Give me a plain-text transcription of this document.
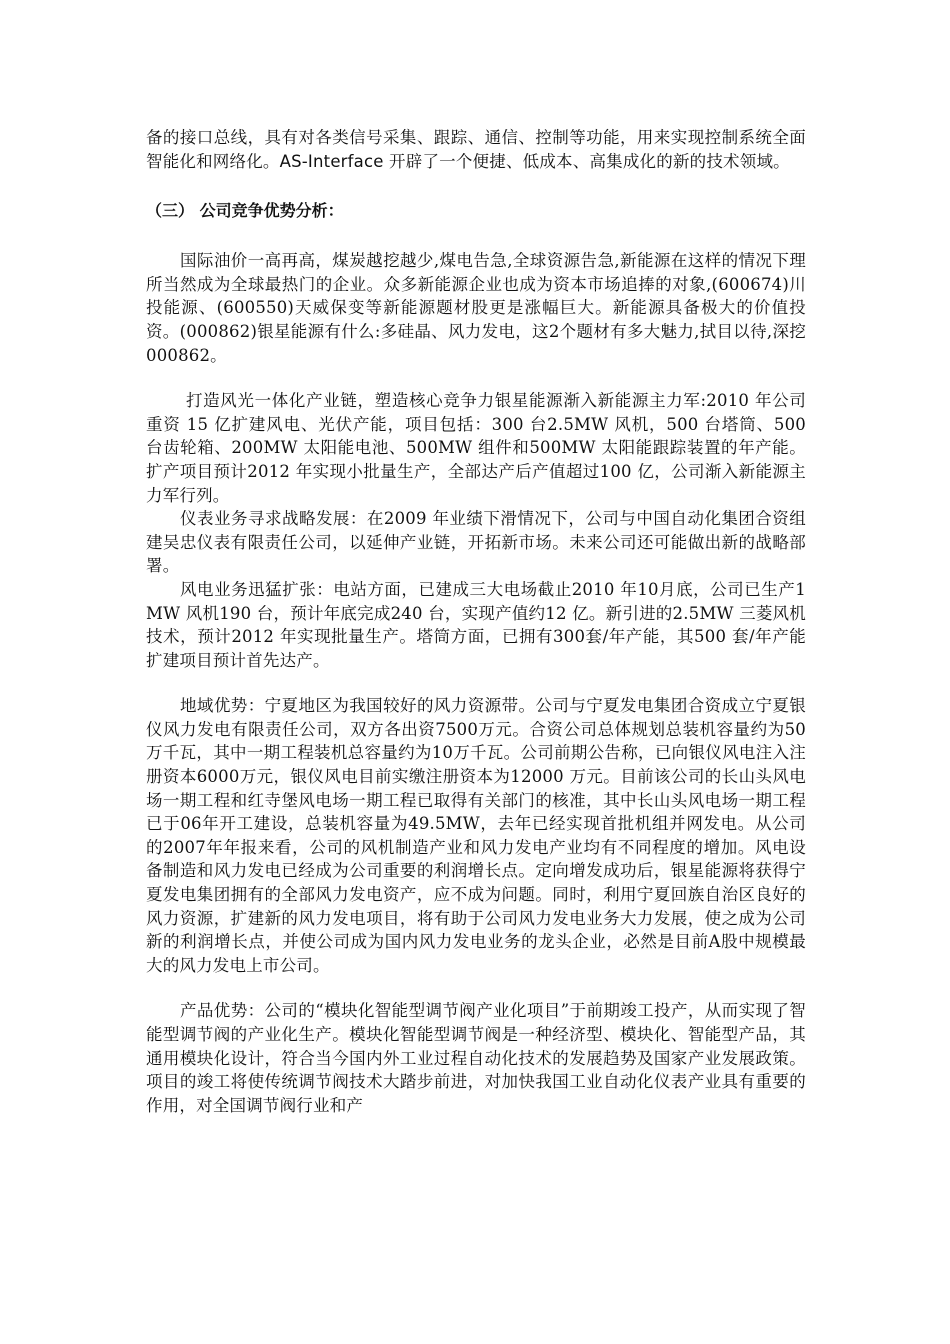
备的接口总线，具有对各类信号采集、跟踪、通信、控制等功能，用来实现控制系统全面智能化和网络化。AS-Interface 开辟了一个便捷、低成本、高集成化的新的技术领域。

（三） 公司竞争优势分析：

国际油价一高再高，煤炭越挖越少,煤电告急,全球资源告急,新能源在这样的情况下理所当然成为全球最热门的企业。众多新能源企业也成为资本市场追捧的对象,(600674)川投能源、(600550)天威保变等新能源题材股更是涨幅巨大。新能源具备极大的价值投资。(000862)银星能源有什么:多硅晶、风力发电，这2个题材有多大魅力,拭目以待,深挖000862。

打造风光一体化产业链，塑造核心竞争力银星能源渐入新能源主力军:2010 年公司重资 15 亿扩建风电、光伏产能，项目包括：300 台2.5MW 风机，500 台塔筒、500 台齿轮箱、200MW 太阳能电池、500MW 组件和500MW 太阳能跟踪装置的年产能。扩产项目预计2012 年实现小批量生产，全部达产后产值超过100 亿，公司渐入新能源主力军行列。

仪表业务寻求战略发展：在2009 年业绩下滑情况下，公司与中国自动化集团合资组建吴忠仪表有限责任公司，以延伸产业链，开拓新市场。未来公司还可能做出新的战略部署。

风电业务迅猛扩张：电站方面，已建成三大电场截止2010 年10月底，公司已生产1MW 风机190 台，预计年底完成240 台，实现产值约12 亿。新引进的2.5MW 三菱风机技术，预计2012 年实现批量生产。塔筒方面，已拥有300套/年产能，其500 套/年产能扩建项目预计首先达产。

地域优势：宁夏地区为我国较好的风力资源带。公司与宁夏发电集团合资成立宁夏银仪风力发电有限责任公司，双方各出资7500万元。合资公司总体规划总装机容量约为50万千瓦，其中一期工程装机总容量约为10万千瓦。公司前期公告称，已向银仪风电注入注册资本6000万元，银仪风电目前实缴注册资本为12000 万元。目前该公司的长山头风电场一期工程和红寺堡风电场一期工程已取得有关部门的核准，其中长山头风电场一期工程已于06年开工建设，总装机容量为49.5MW，去年已经实现首批机组并网发电。从公司的2007年年报来看，公司的风机制造产业和风力发电产业均有不同程度的增加。风电设备制造和风力发电已经成为公司重要的利润增长点。定向增发成功后，银星能源将获得宁夏发电集团拥有的全部风力发电资产，应不成为问题。同时，利用宁夏回族自治区良好的风力资源，扩建新的风力发电项目，将有助于公司风力发电业务大力发展，使之成为公司新的利润增长点，并使公司成为国内风力发电业务的龙头企业，必然是目前A股中规模最大的风力发电上市公司。

产品优势：公司的“模块化智能型调节阀产业化项目”于前期竣工投产，从而实现了智能型调节阀的产业化生产。模块化智能型调节阀是一种经济型、模块化、智能型产品，其通用模块化设计，符合当今国内外工业过程自动化技术的发展趋势及国家产业发展政策。项目的竣工将使传统调节阀技术大踏步前进，对加快我国工业自动化仪表产业具有重要的作用，对全国调节阀行业和产
